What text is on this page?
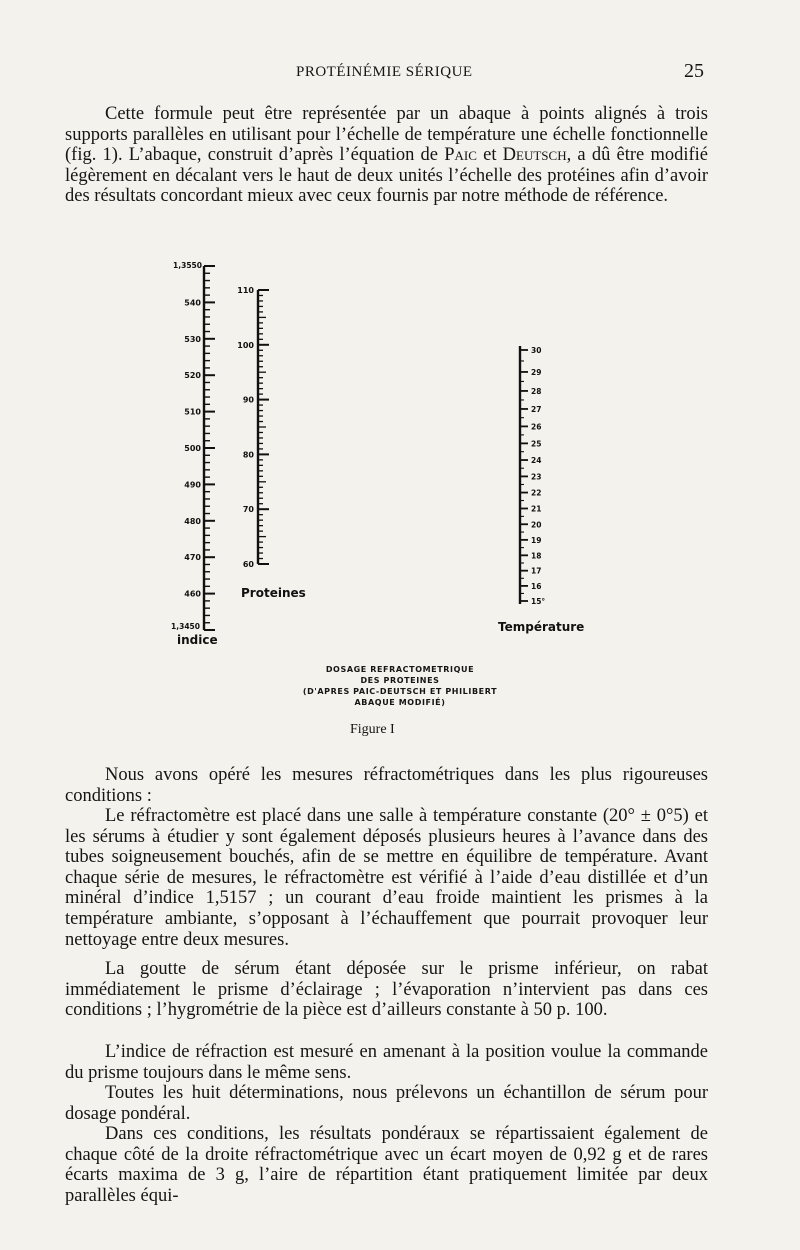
PROTÉINÉMIE SÉRIQUE	25

Cette formule peut être représentée par un abaque à points alignés à trois supports parallèles en utilisant pour l’échelle de température une échelle fonctionnelle (fig. 1). L’abaque, construit d’après l’équation de Paic et Deutsch, a dû être modifié légèrement en décalant vers le haut de deux unités l’échelle des protéines afin d’avoir des résultats concordant mieux avec ceux fournis par notre méthode de référence.

540
530
520
510
500
490
480
470
460
1,3550
1,3450
indice
110
100
90
80
70
60
Proteines
30
29
28
27
26
25
24
23
22
21
20
19
18
17
16
15°
Température
DOSAGE REFRACTOMETRIQUE
DES PROTEINES
(D'APRES PAIC-DEUTSCH ET PHILIBERT
ABAQUE MODIFIÉ)
Figure I

Nous avons opéré les mesures réfractométriques dans les plus rigoureuses conditions :

Le réfractomètre est placé dans une salle à température constante (20° ± 0°5) et les sérums à étudier y sont également déposés plusieurs heures à l’avance dans des tubes soigneusement bouchés, afin de se mettre en équilibre de température. Avant chaque série de mesures, le réfractomètre est vérifié à l’aide d’eau distillée et d’un minéral d’indice 1,5157 ; un courant d’eau froide maintient les prismes à la température ambiante, s’opposant à l’échauffement que pourrait provoquer leur nettoyage entre deux mesures.

La goutte de sérum étant déposée sur le prisme inférieur, on rabat immédiatement le prisme d’éclairage ; l’évaporation n’intervient pas dans ces conditions ; l’hygrométrie de la pièce est d’ailleurs constante à 50 p. 100.

L’indice de réfraction est mesuré en amenant à la position voulue la commande du prisme toujours dans le même sens.

Toutes les huit déterminations, nous prélevons un échantillon de sérum pour dosage pondéral.

Dans ces conditions, les résultats pondéraux se répartissaient également de chaque côté de la droite réfractométrique avec un écart moyen de 0,92 g et de rares écarts maxima de 3 g, l’aire de répartition étant pratiquement limitée par deux parallèles équi-
